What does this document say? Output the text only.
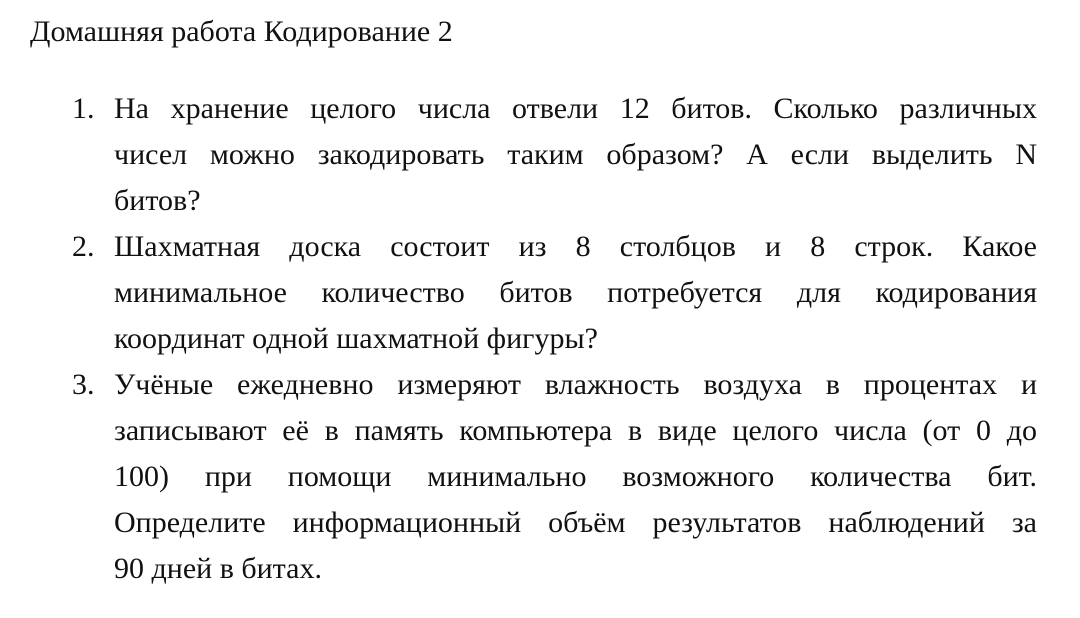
Домашняя работа Кодирование 2
1. На хранение целого числа отвели 12 битов. Сколько различных
чисел можно закодировать таким образом? А если выделить N
битов?
2. Шахматная доска состоит из 8 столбцов и 8 строк. Какое
минимальное количество битов потребуется для кодирования
координат одной шахматной фигуры?
3. Учёные ежедневно измеряют влажность воздуха в процентах и
записывают её в память компьютера в виде целого числа (от 0 до
100) при помощи минимально возможного количества бит.
Определите информационный объём результатов наблюдений за
90 дней в битах.
